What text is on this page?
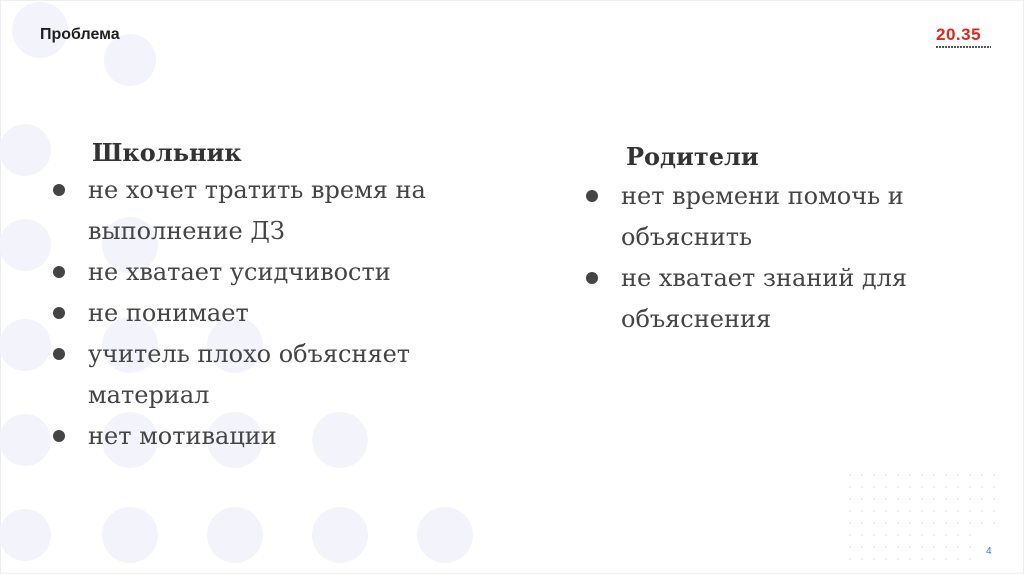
Проблема	20.35
Школьник
не хочет тратить время на выполнение ДЗ
не хватает усидчивости
не понимает
учитель плохо объясняет материал
нет мотивации
Родители
нет времени помочь и объяснить
не хватает знаний для объяснения
4
